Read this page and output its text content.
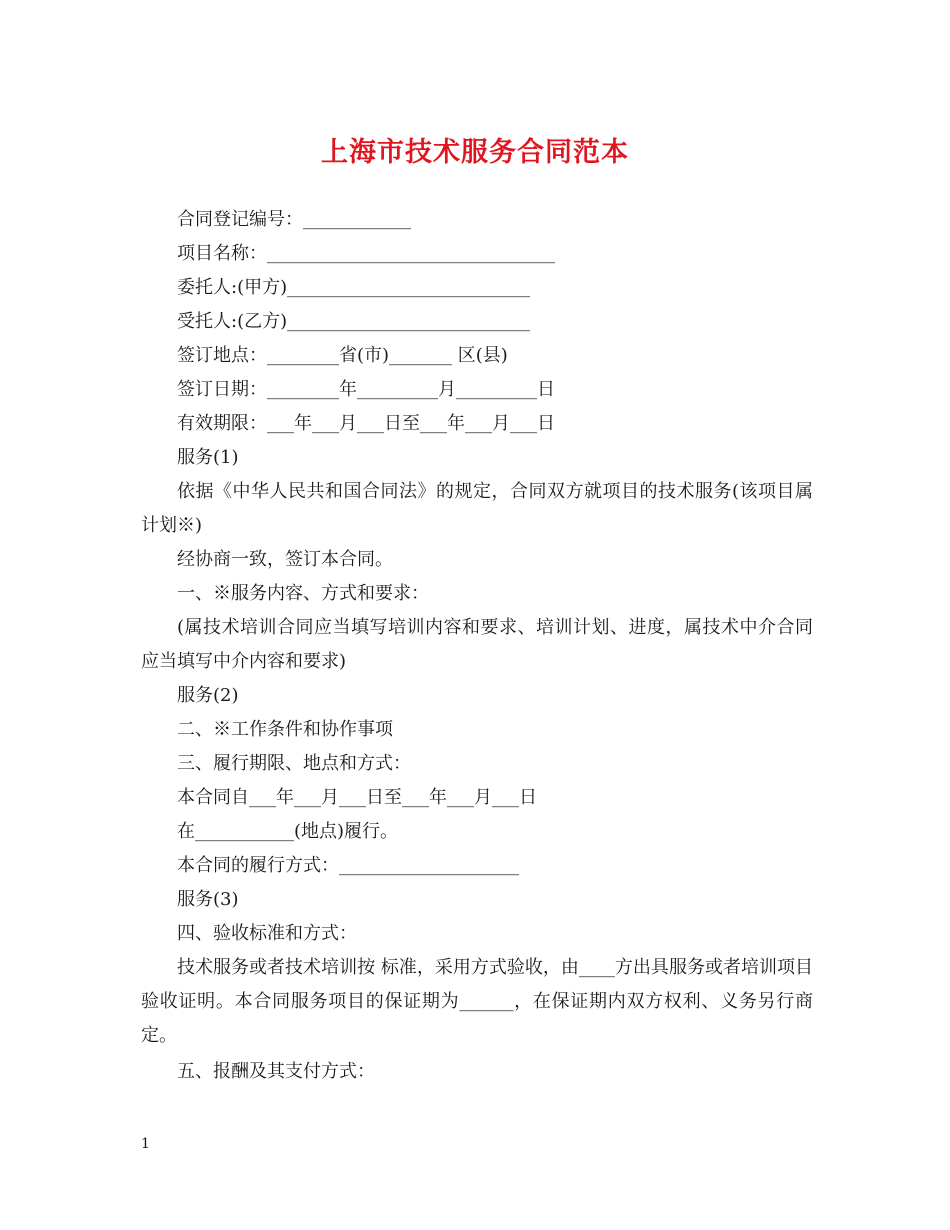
上海市技术服务合同范本

合同登记编号：____________

项目名称：________________________________

委托人:(甲方)___________________________

受托人:(乙方)___________________________

签订地点：________省(市)_______ 区(县)

签订日期：________年_________月_________日

有效期限：___年___月___日至___年___月___日

服务(1)

依据《中华人民共和国合同法》的规定，合同双方就项目的技术服务(该项目属 计划※)

经协商一致，签订本合同。

一、※服务内容、方式和要求：

(属技术培训合同应当填写培训内容和要求、培训计划、进度，属技术中介合同应当填写中介内容和要求)

服务(2)

二、※工作条件和协作事项

三、履行期限、地点和方式：

本合同自___年___月___日至___年___月___日

在___________(地点)履行。

本合同的履行方式：____________________

服务(3)

四、验收标准和方式：

技术服务或者技术培训按 标准，采用方式验收，由____方出具服务或者培训项目验收证明。本合同服务项目的保证期为______，在保证期内双方权利、义务另行商定。

五、报酬及其支付方式：

1
